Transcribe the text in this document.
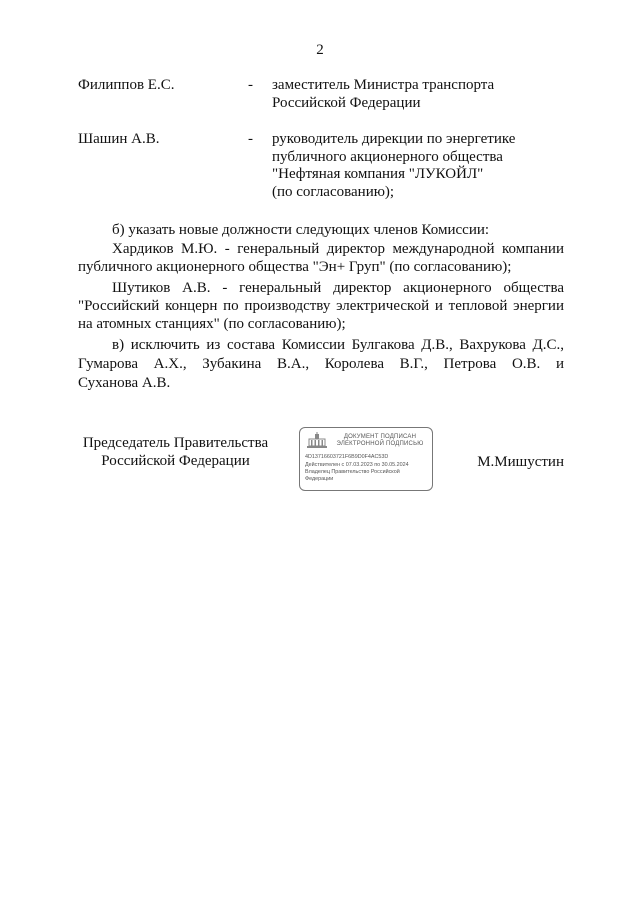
2
Филиппов Е.С.	- заместитель Министра транспорта
Российской Федерации
Шашин А.В.	- руководитель дирекции по энергетике
публичного акционерного общества
"Нефтяная компания "ЛУКОЙЛ"
(по согласованию);
б) указать новые должности следующих членов Комиссии:
Хардиков М.Ю. - генеральный директор международной компании публичного акционерного общества "Эн+ Груп" (по согласованию);
Шутиков А.В. - генеральный директор акционерного общества "Российский концерн по производству электрической и тепловой энергии на атомных станциях" (по согласованию);
в) исключить из состава Комиссии Булгакова Д.В., Вахрукова Д.С.,
Гумарова А.Х., Зубакина В.А., Королева В.Г., Петрова О.В. и
Суханова А.В.
Председатель Правительства
Российской Федерации
ДОКУМЕНТ ПОДПИСАН
ЭЛЕКТРОННОЙ ПОДПИСЬЮ
4D13716603721F6B9D0F4AC53D
Действителен с 07.03.2023 по 30.05.2024
Владелец Правительство Российской
Федерации
М.Мишустин
